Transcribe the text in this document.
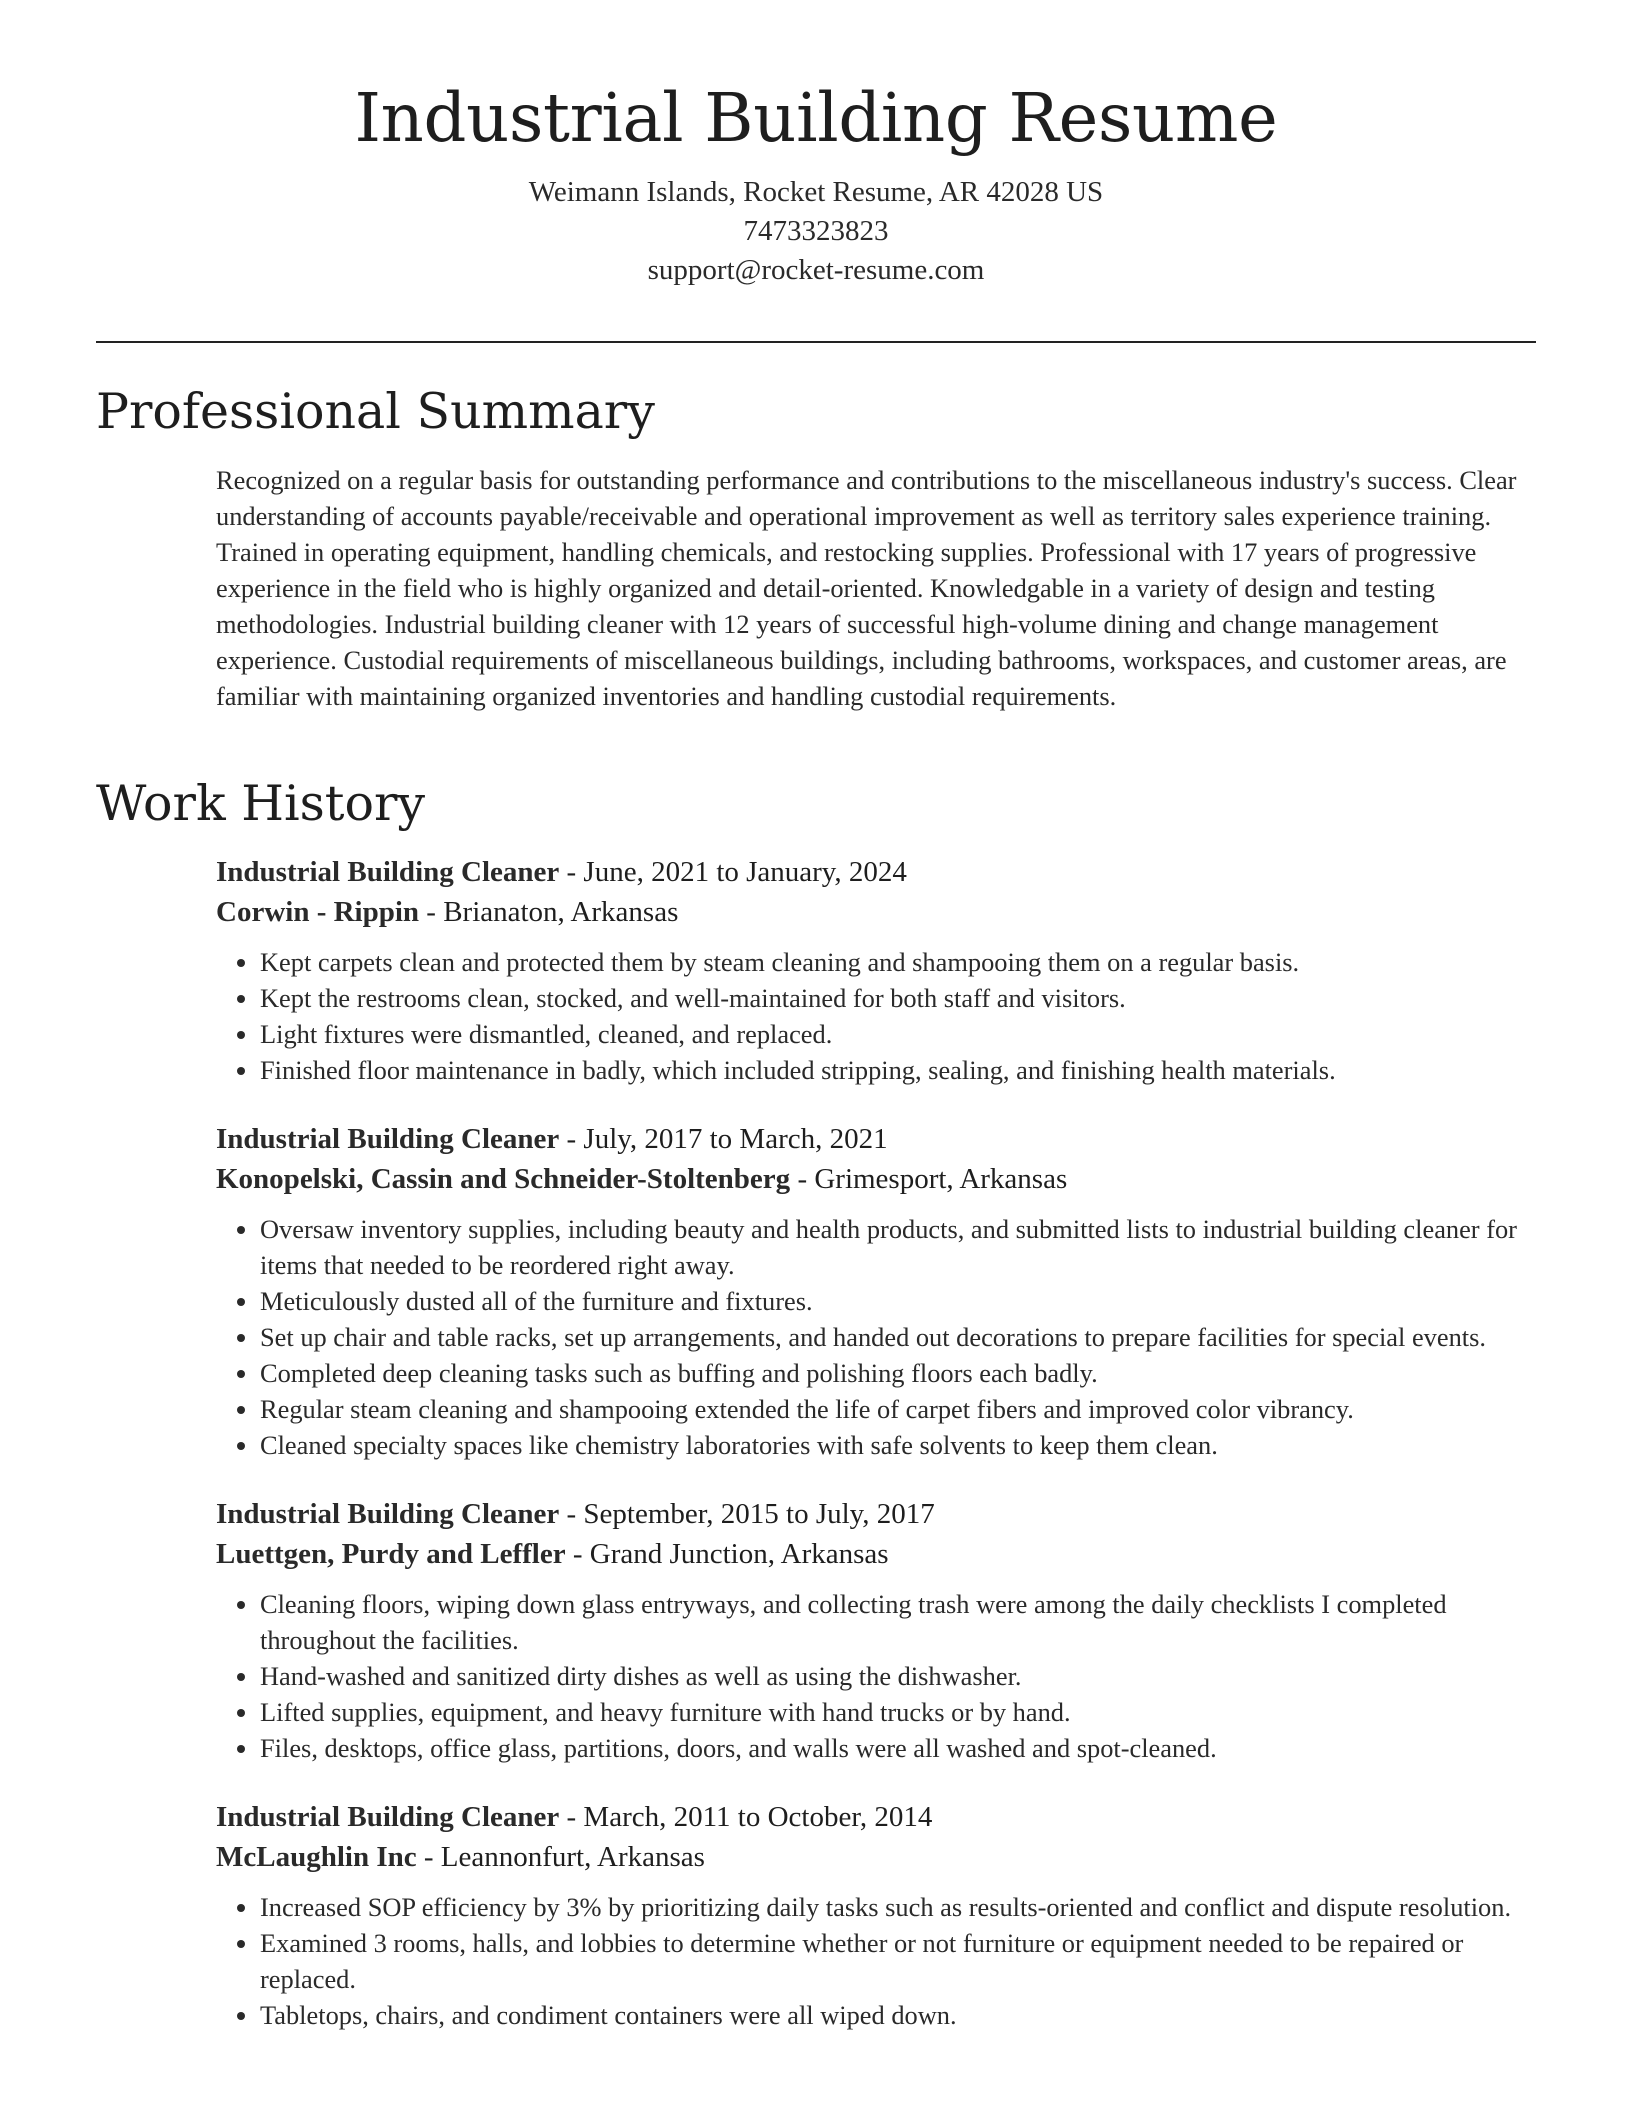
Industrial Building Resume
Weimann Islands, Rocket Resume, AR 42028 US
7473323823
support@rocket-resume.com
Professional Summary

Recognized on a regular basis for outstanding performance and contributions to the miscellaneous industry's success. Clear understanding of accounts payable/receivable and operational improvement as well as territory sales experience training. Trained in operating equipment, handling chemicals, and restocking supplies. Professional with 17 years of progressive experience in the field who is highly organized and detail-oriented. Knowledgable in a variety of design and testing methodologies. Industrial building cleaner with 12 years of successful high-volume dining and change management experience. Custodial requirements of miscellaneous buildings, including bathrooms, workspaces, and customer areas, are familiar with maintaining organized inventories and handling custodial requirements.

Work History
Industrial Building Cleaner - June, 2021 to January, 2024
Corwin - Rippin - Brianaton, Arkansas
• Kept carpets clean and protected them by steam cleaning and shampooing them on a regular basis.
• Kept the restrooms clean, stocked, and well-maintained for both staff and visitors.
• Light fixtures were dismantled, cleaned, and replaced.
• Finished floor maintenance in badly, which included stripping, sealing, and finishing health materials.
Industrial Building Cleaner - July, 2017 to March, 2021
Konopelski, Cassin and Schneider-Stoltenberg - Grimesport, Arkansas
• Oversaw inventory supplies, including beauty and health products, and submitted lists to industrial building cleaner for items that needed to be reordered right away.
• Meticulously dusted all of the furniture and fixtures.
• Set up chair and table racks, set up arrangements, and handed out decorations to prepare facilities for special events.
• Completed deep cleaning tasks such as buffing and polishing floors each badly.
• Regular steam cleaning and shampooing extended the life of carpet fibers and improved color vibrancy.
• Cleaned specialty spaces like chemistry laboratories with safe solvents to keep them clean.
Industrial Building Cleaner - September, 2015 to July, 2017
Luettgen, Purdy and Leffler - Grand Junction, Arkansas
• Cleaning floors, wiping down glass entryways, and collecting trash were among the daily checklists I completed throughout the facilities.
• Hand-washed and sanitized dirty dishes as well as using the dishwasher.
• Lifted supplies, equipment, and heavy furniture with hand trucks or by hand.
• Files, desktops, office glass, partitions, doors, and walls were all washed and spot-cleaned.
Industrial Building Cleaner - March, 2011 to October, 2014
McLaughlin Inc - Leannonfurt, Arkansas
• Increased SOP efficiency by 3% by prioritizing daily tasks such as results-oriented and conflict and dispute resolution.
• Examined 3 rooms, halls, and lobbies to determine whether or not furniture or equipment needed to be repaired or replaced.
• Tabletops, chairs, and condiment containers were all wiped down.
